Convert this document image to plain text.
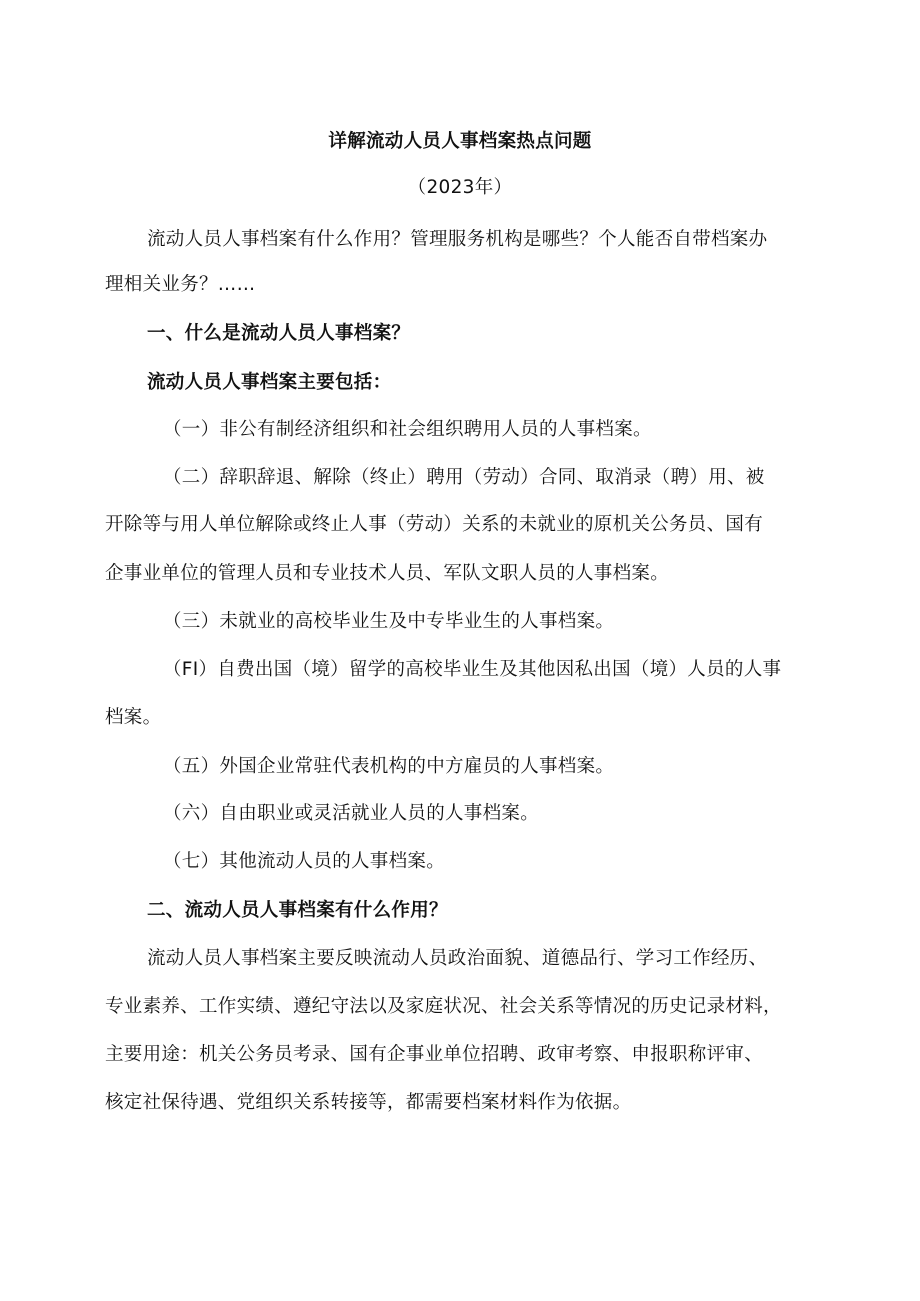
详解流动人员人事档案热点问题
（2023年）
流动人员人事档案有什么作用？管理服务机构是哪些？个人能否自带档案办
理相关业务？……
一、什么是流动人员人事档案？
流动人员人事档案主要包括：
（一）非公有制经济组织和社会组织聘用人员的人事档案。
（二）辞职辞退、解除（终止）聘用（劳动）合同、取消录（聘）用、被
开除等与用人单位解除或终止人事（劳动）关系的未就业的原机关公务员、国有
企事业单位的管理人员和专业技术人员、军队文职人员的人事档案。
（三）未就业的高校毕业生及中专毕业生的人事档案。
（FI）自费出国（境）留学的高校毕业生及其他因私出国（境）人员的人事
档案。
（五）外国企业常驻代表机构的中方雇员的人事档案。
（六）自由职业或灵活就业人员的人事档案。
（七）其他流动人员的人事档案。
二、流动人员人事档案有什么作用？
流动人员人事档案主要反映流动人员政治面貌、道德品行、学习工作经历、
专业素养、工作实绩、遵纪守法以及家庭状况、社会关系等情况的历史记录材料，
主要用途：机关公务员考录、国有企事业单位招聘、政审考察、申报职称评审、
核定社保待遇、党组织关系转接等，都需要档案材料作为依据。
